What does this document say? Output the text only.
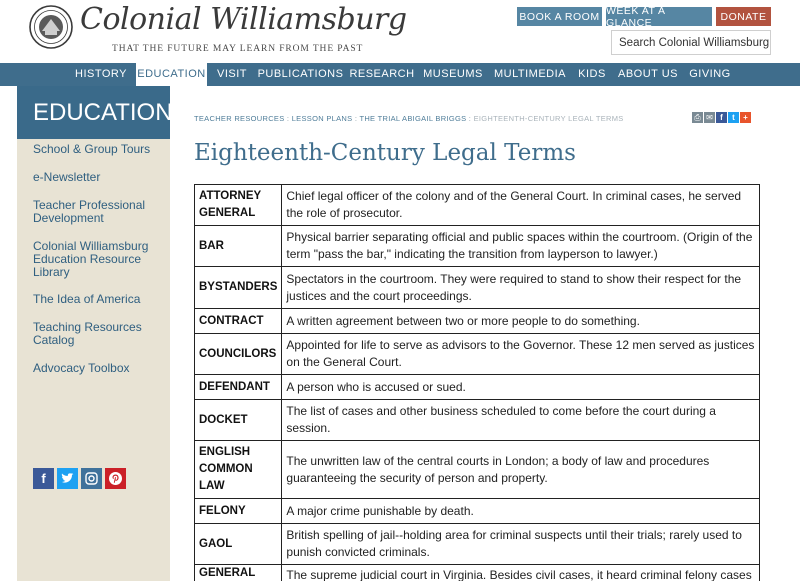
Colonial Williamsburg
THAT THE FUTURE MAY LEARN FROM THE PAST
BOOK A ROOM WEEK AT A GLANCE	DONATE
Search Colonial Williamsburg
HISTORY EDUCATION	VISIT PUBLICATIONS RESEARCH MUSEUMS MULTIMEDIA	KIDS	ABOUT US GIVING
EDUCATION
School & Group Tours
e-Newsletter
Teacher Professional Development
Colonial Williamsburg Education Resource Library
The Idea of America
Teaching Resources Catalog
Advocacy Toolbox
f
TEACHER RESOURCES : LESSON PLANS : THE TRIAL ABIGAIL BRIGGS : EIGHTEENTH-CENTURY LEGAL TERMS	⎙ ✉ f	t	+
Eighteenth-Century Legal Terms
ATTORNEY GENERAL	Chief legal officer of the colony and of the General Court. In criminal cases, he served the role of prosecutor.
BAR	Physical barrier separating official and public spaces within the courtroom. (Origin of the term "pass the bar," indicating the transition from layperson to lawyer.)
BYSTANDERS	Spectators in the courtroom. They were required to stand to show their respect for the justices and the court proceedings.
CONTRACT	A written agreement between two or more people to do something.
COUNCILORS	Appointed for life to serve as advisors to the Governor. These 12 men served as justices on the General Court.
DEFENDANT	A person who is accused or sued.
DOCKET	The list of cases and other business scheduled to come before the court during a session.
ENGLISH COMMON LAW	The unwritten law of the central courts in London; a body of law and procedures guaranteeing the security of person and property.
FELONY	A major crime punishable by death.
GAOL	British spelling of jail--holding area for criminal suspects until their trials; rarely used to punish convicted criminals.
GENERAL	The supreme judicial court in Virginia. Besides civil cases, it heard criminal felony cases
